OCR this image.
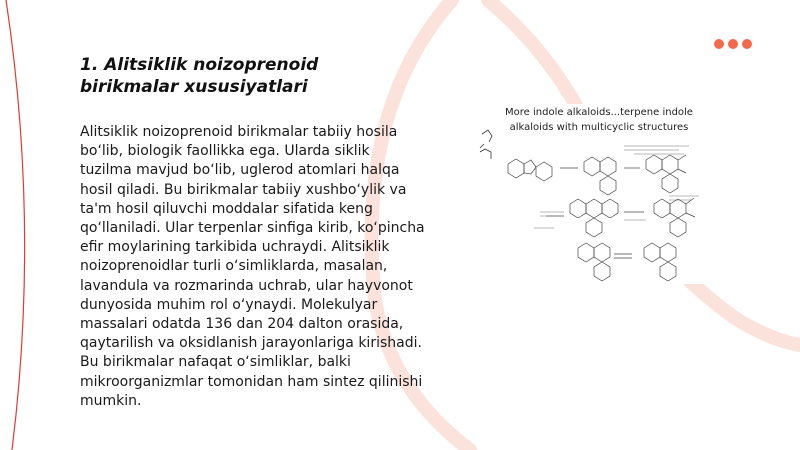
1. Alitsiklik noizoprenoid birikmalar xususiyatlari

Alitsiklik noizoprenoid birikmalar tabiiy hosila bo‘lib, biologik faollikka ega. Ularda siklik tuzilma mavjud bo‘lib, uglerod atomlari halqa hosil qiladi. Bu birikmalar tabiiy xushbo‘ylik va ta'm hosil qiluvchi moddalar sifatida keng qo‘llaniladi. Ular terpenlar sinfiga kirib, ko‘pincha efir moylarining tarkibida uchraydi. Alitsiklik noizoprenoidlar turli o‘simliklarda, masalan, lavandula va rozmarinda uchrab, ular hayvonot dunyosida muhim rol o‘ynaydi. Molekulyar massalari odatda 136 dan 204 dalton orasida, qaytarilish va oksidlanish jarayonlariga kirishadi. Bu birikmalar nafaqat o‘simliklar, balki mikroorganizmlar tomonidan ham sintez qilinishi mumkin.

More indole alkaloids...terpene indole
alkaloids with multicyclic structures
